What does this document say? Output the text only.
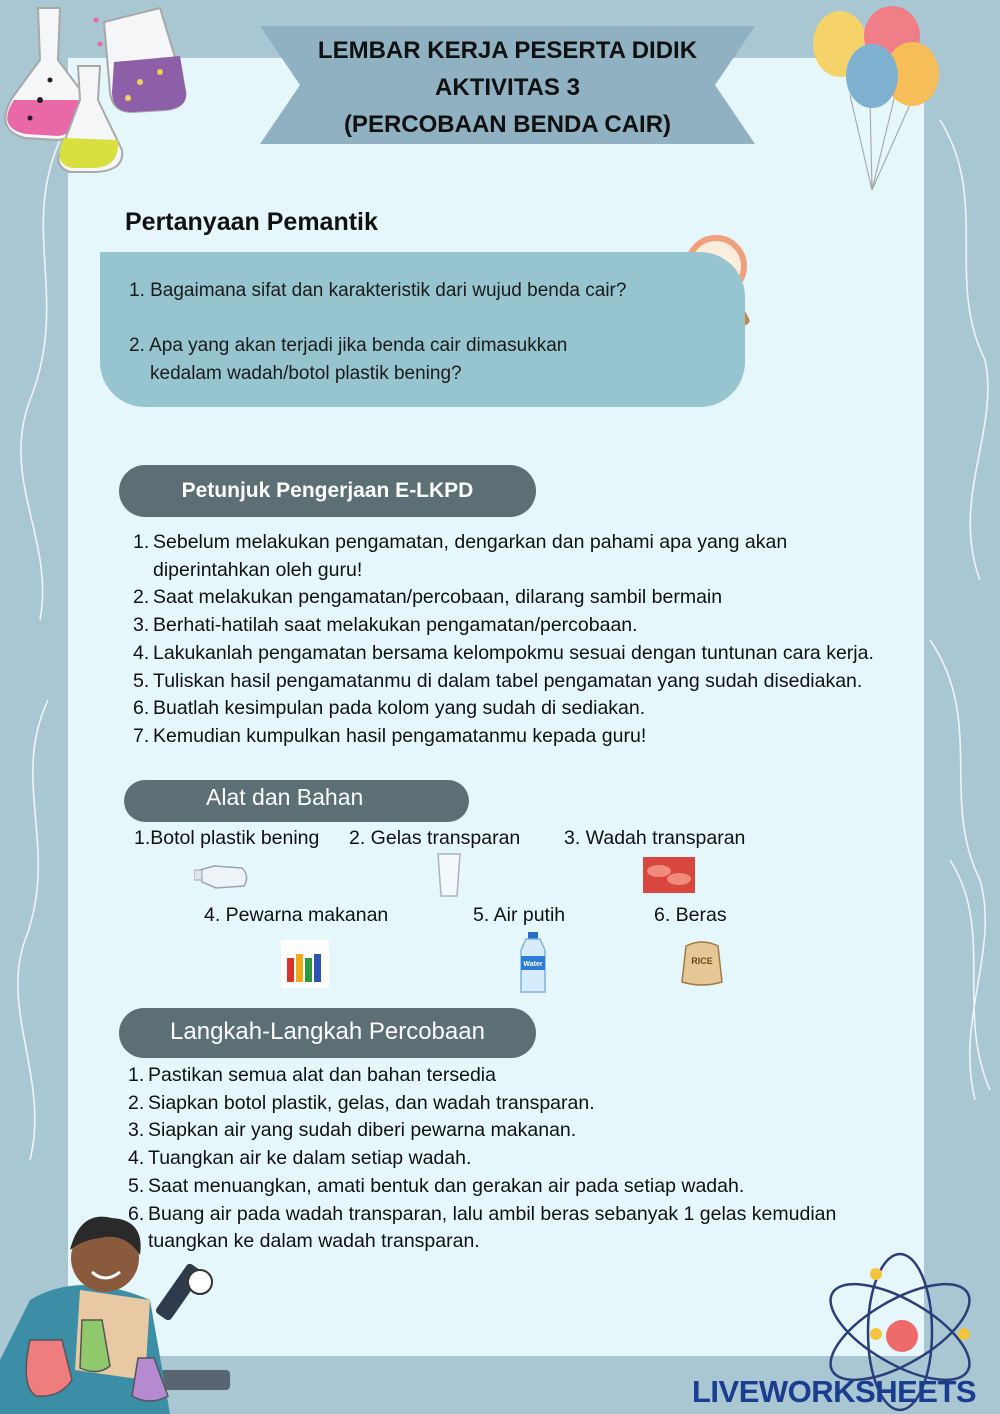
LEMBAR KERJA PESERTA DIDIK
AKTIVITAS 3
(PERCOBAAN BENDA CAIR)
Pertanyaan Pemantik
1. Bagaimana sifat dan karakteristik dari wujud benda cair?
2. Apa yang akan terjadi jika benda cair dimasukkan
kedalam wadah/botol plastik bening?
Petunjuk Pengerjaan E-LKPD
1. Sebelum melakukan pengamatan, dengarkan dan pahami apa yang akan
diperintahkan oleh guru!
2. Saat melakukan pengamatan/percobaan, dilarang sambil bermain
3. Berhati-hatilah saat melakukan pengamatan/percobaan.
4. Lakukanlah pengamatan bersama kelompokmu sesuai dengan tuntunan cara kerja.
5. Tuliskan hasil pengamatanmu di dalam tabel pengamatan yang sudah disediakan.
6. Buatlah kesimpulan pada kolom yang sudah di sediakan.
7. Kemudian kumpulkan hasil pengamatanmu kepada guru!
Alat dan Bahan
1.Botol plastik bening 2. Gelas transparan 3. Wadah transparan
4. Pewarna makanan	5. Air putih	6. Beras
Water	RICE
Langkah-Langkah Percobaan
1. Pastikan semua alat dan bahan tersedia
2. Siapkan botol plastik, gelas, dan wadah transparan.
3. Siapkan air yang sudah diberi pewarna makanan.
4. Tuangkan air ke dalam setiap wadah.
5. Saat menuangkan, amati bentuk dan gerakan air pada setiap wadah.
6. Buang air pada wadah transparan, lalu ambil beras sebanyak 1 gelas kemudian
tuangkan ke dalam wadah transparan.
LIVEWORKSHEETS
